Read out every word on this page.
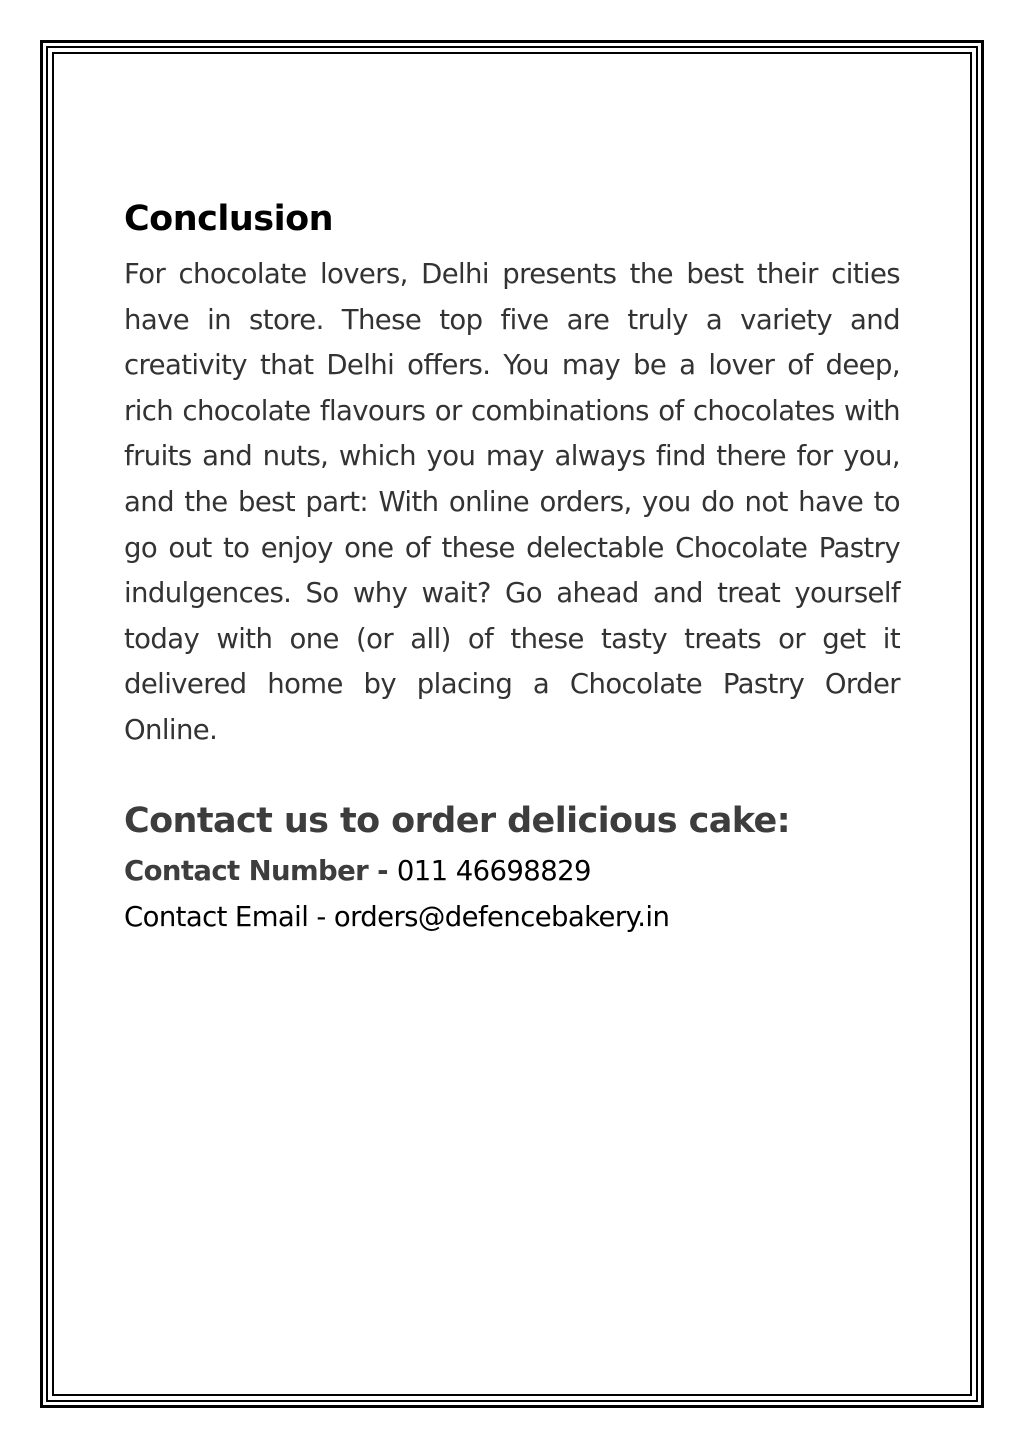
Conclusion

For chocolate lovers, Delhi presents the best their cities have in store. These top five are truly a variety and creativity that Delhi offers. You may be a lover of deep, rich chocolate flavours or combinations of chocolates with fruits and nuts, which you may always find there for you, and the best part: With online orders, you do not have to go out to enjoy one of these delectable Chocolate Pastry indulgences. So why wait? Go ahead and treat yourself today with one (or all) of these tasty treats or get it delivered home by placing a Chocolate Pastry Order Online.

Contact us to order delicious cake:

Contact Number - 011 46698829

Contact Email - orders@defencebakery.in
